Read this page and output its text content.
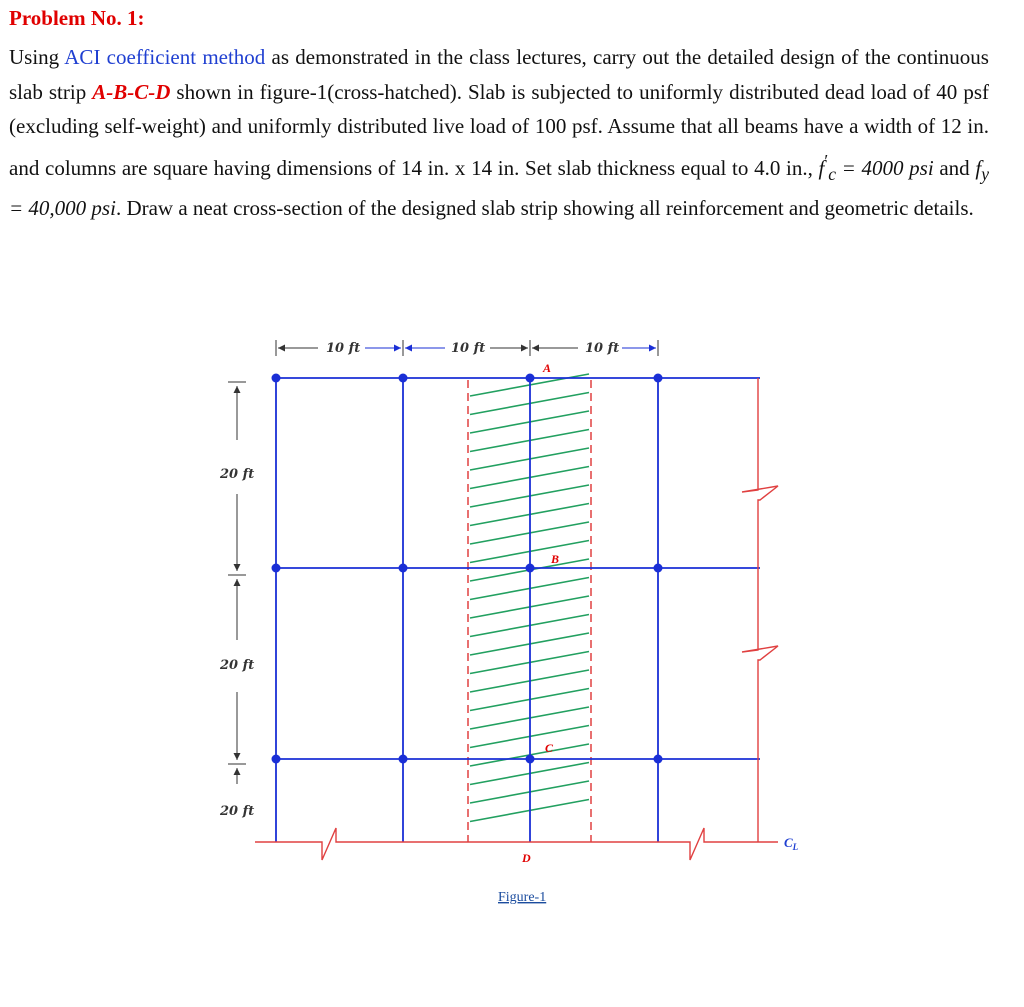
Problem No. 1:
Using ACI coefficient method as demonstrated in the class lectures, carry out the detailed design of the continuous slab strip A-B-C-D shown in figure-1(cross-hatched). Slab is subjected to uniformly distributed dead load of 40 psf (excluding self-weight) and uniformly distributed live load of 100 psf. Assume that all beams have a width of 12 in. and columns are square having dimensions of 14 in. x 14 in. Set slab thickness equal to 4.0 in., $f'_c = 4000$ psi and $f_y = 40,000$ psi. Draw a neat cross-section of the designed slab strip showing all reinforcement and geometric details.
10 ft	10 ft	10 ft
20 ft
20 ft
20 ft
A
B
C
D
$C_L$
Figure-1
